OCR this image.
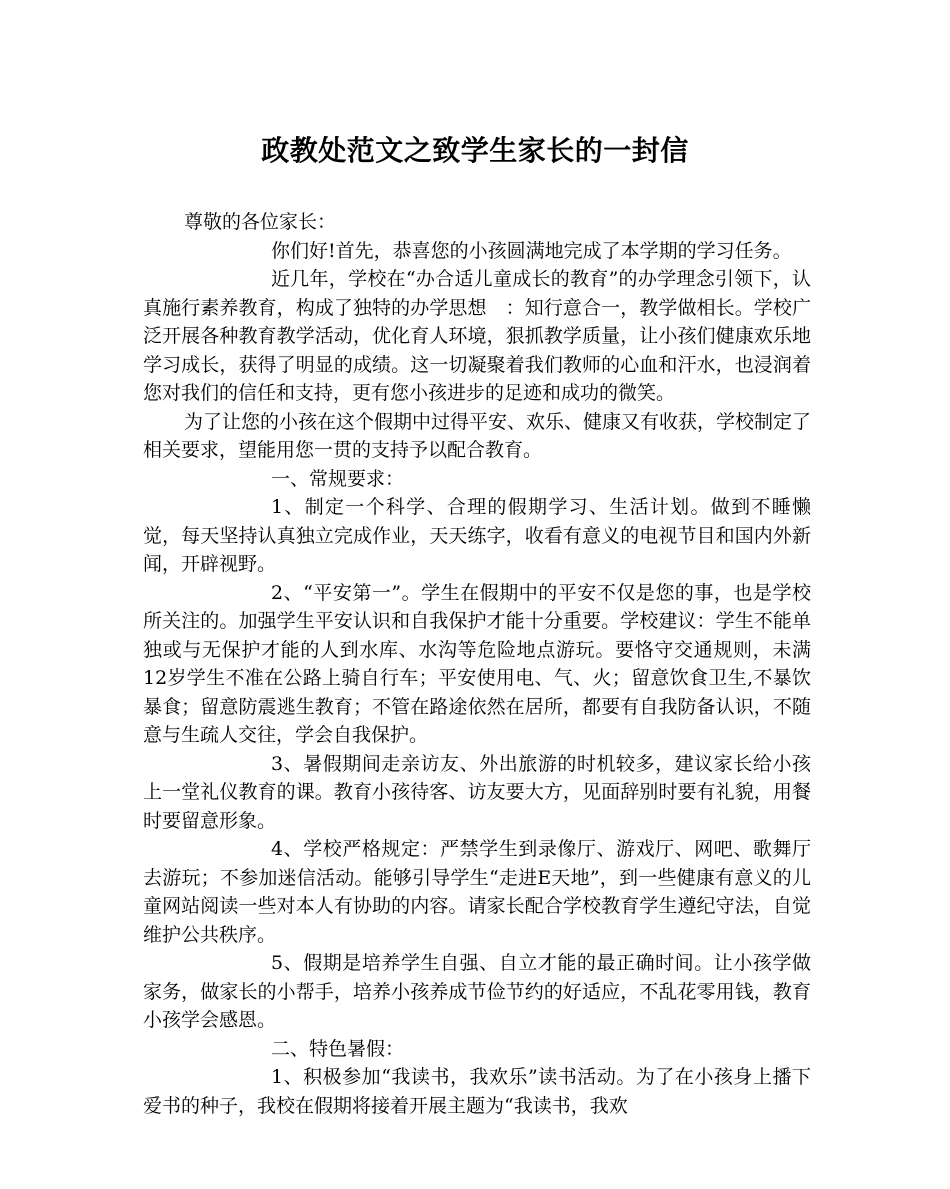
政教处范文之致学生家长的一封信

尊敬的各位家长：

你们好!首先，恭喜您的小孩圆满地完成了本学期的学习任务。

近几年，学校在“办合适儿童成长的教育”的办学理念引领下，认真施行素养教育，构成了独特的办学思想　：知行意合一，教学做相长。学校广泛开展各种教育教学活动，优化育人环境，狠抓教学质量，让小孩们健康欢乐地学习成长，获得了明显的成绩。这一切凝聚着我们教师的心血和汗水，也浸润着您对我们的信任和支持，更有您小孩进步的足迹和成功的微笑。

为了让您的小孩在这个假期中过得平安、欢乐、健康又有收获，学校制定了相关要求，望能用您一贯的支持予以配合教育。

一、常规要求：

1、制定一个科学、合理的假期学习、生活计划。做到不睡懒觉，每天坚持认真独立完成作业，天天练字，收看有意义的电视节目和国内外新闻，开辟视野。

2、“平安第一”。学生在假期中的平安不仅是您的事，也是学校所关注的。加强学生平安认识和自我保护才能十分重要。学校建议：学生不能单独或与无保护才能的人到水库、水沟等危险地点游玩。要恪守交通规则，未满12岁学生不准在公路上骑自行车；平安使用电、气、火；留意饮食卫生,不暴饮暴食；留意防震逃生教育；不管在路途依然在居所，都要有自我防备认识，不随意与生疏人交往，学会自我保护。

3、暑假期间走亲访友、外出旅游的时机较多，建议家长给小孩上一堂礼仪教育的课。教育小孩待客、访友要大方，见面辞别时要有礼貌，用餐时要留意形象。

4、学校严格规定：严禁学生到录像厅、游戏厅、网吧、歌舞厅去游玩；不参加迷信活动。能够引导学生“走进E天地”，到一些健康有意义的儿童网站阅读一些对本人有协助的内容。请家长配合学校教育学生遵纪守法，自觉维护公共秩序。

5、假期是培养学生自强、自立才能的最正确时间。让小孩学做家务，做家长的小帮手，培养小孩养成节俭节约的好适应，不乱花零用钱，教育小孩学会感恩。

二、特色暑假：

1、积极参加“我读书，我欢乐”读书活动。为了在小孩身上播下爱书的种子，我校在假期将接着开展主题为“我读书，我欢
